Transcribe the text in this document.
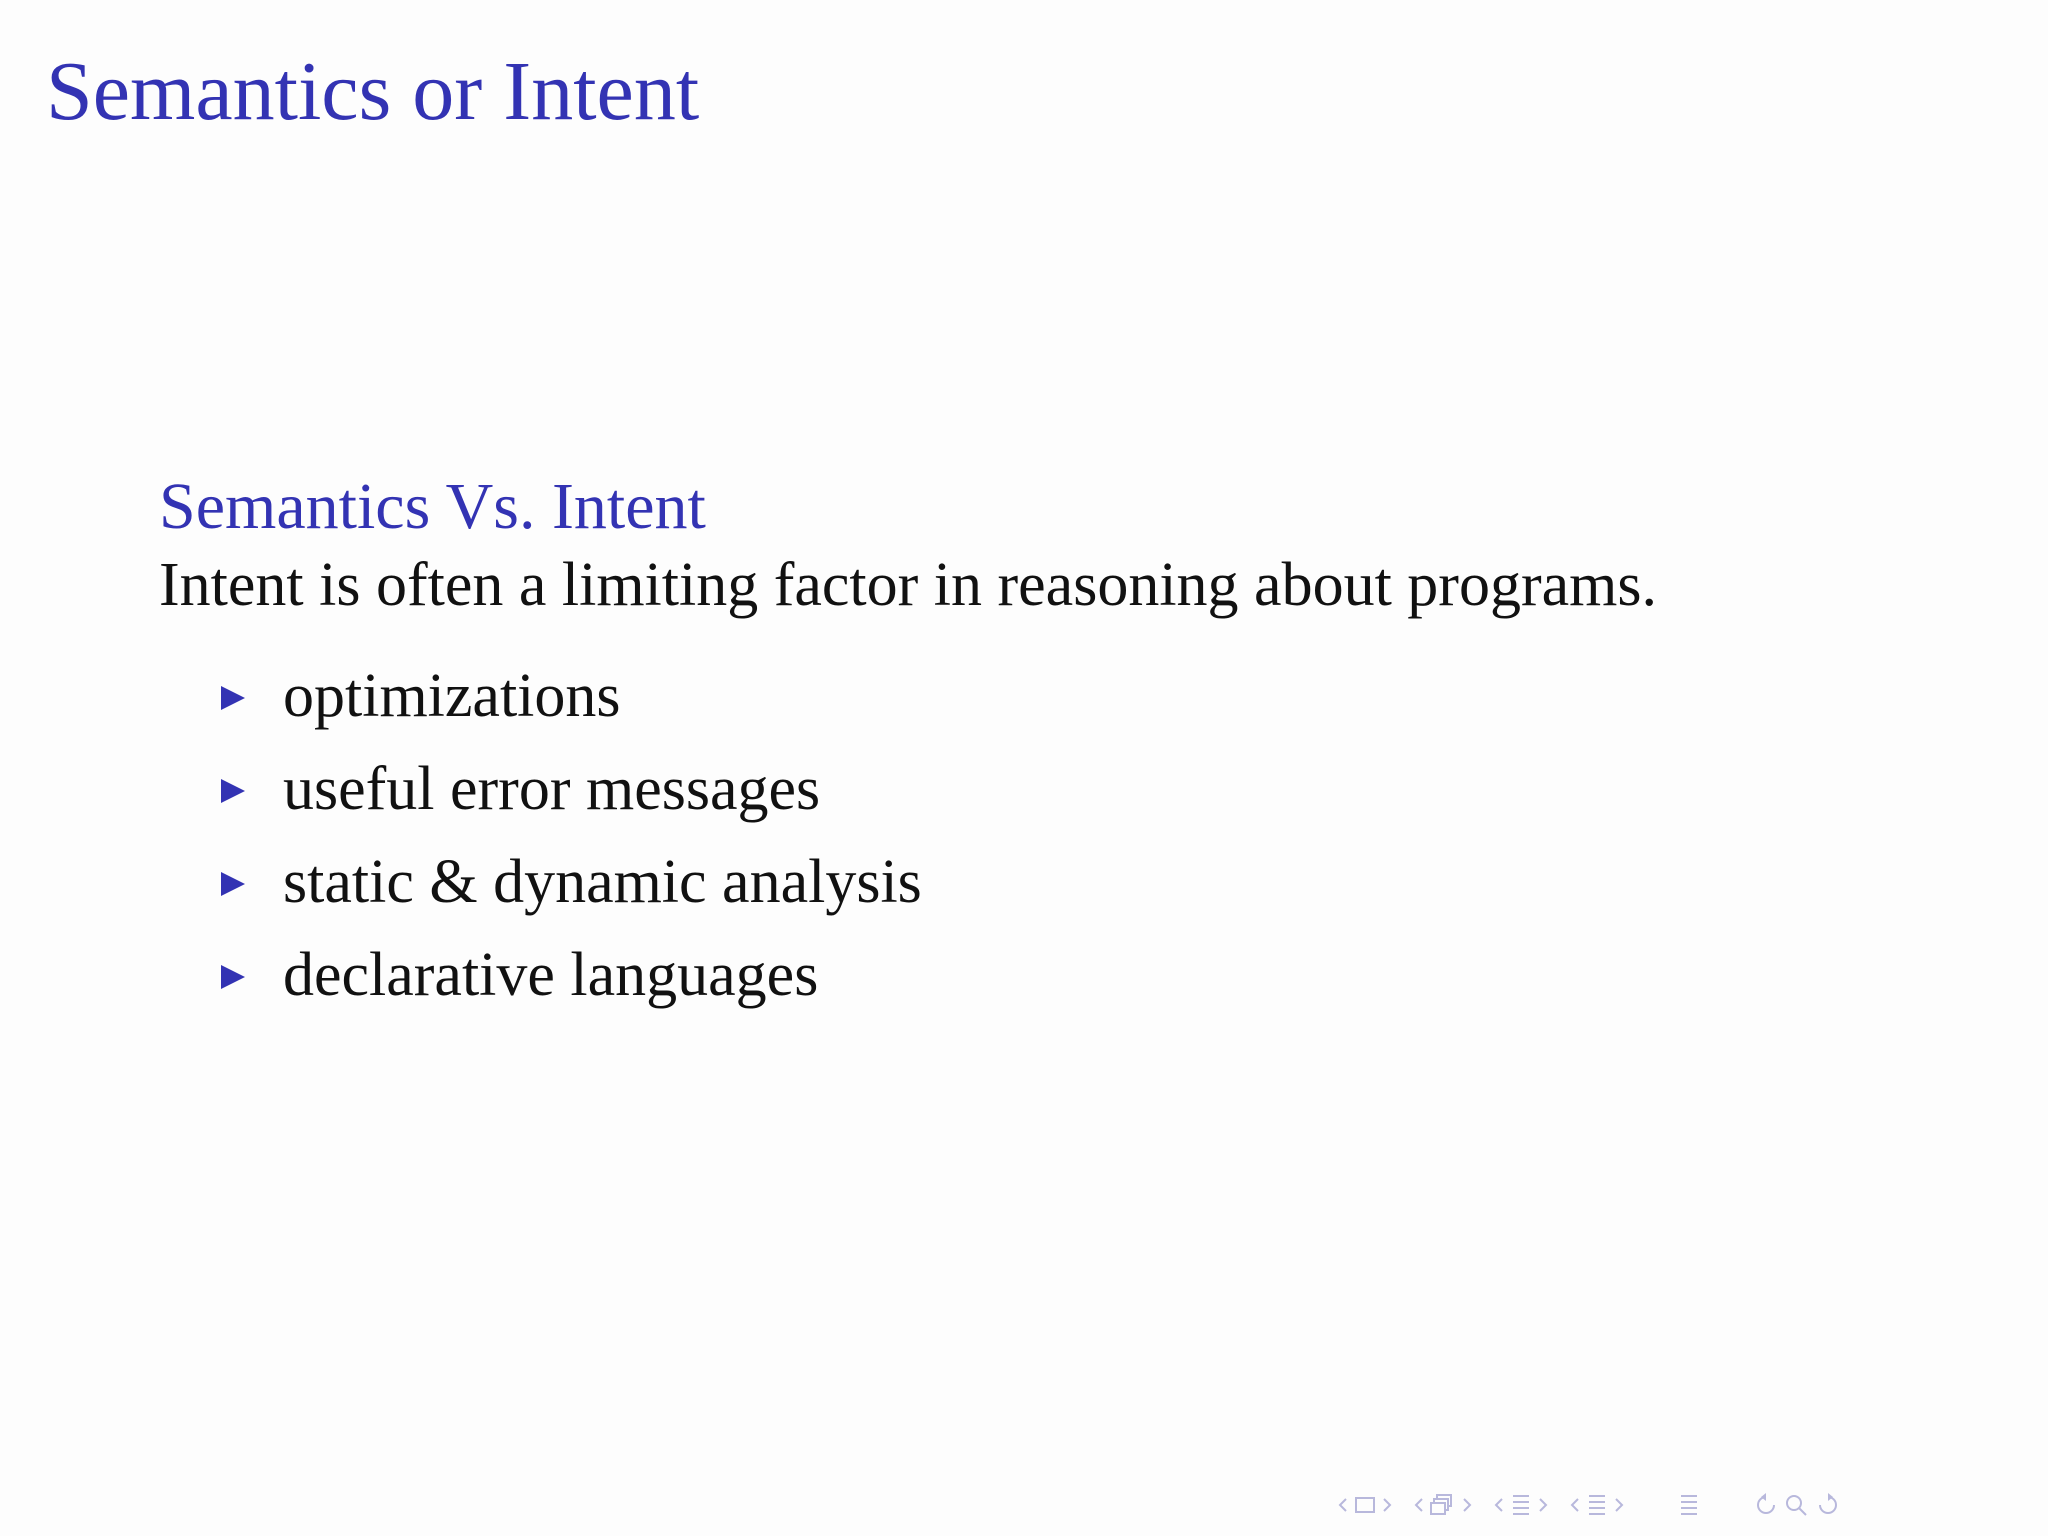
Semantics or Intent
Semantics Vs. Intent
Intent is often a limiting factor in reasoning about programs.
optimizations
useful error messages
static & dynamic analysis
declarative languages
